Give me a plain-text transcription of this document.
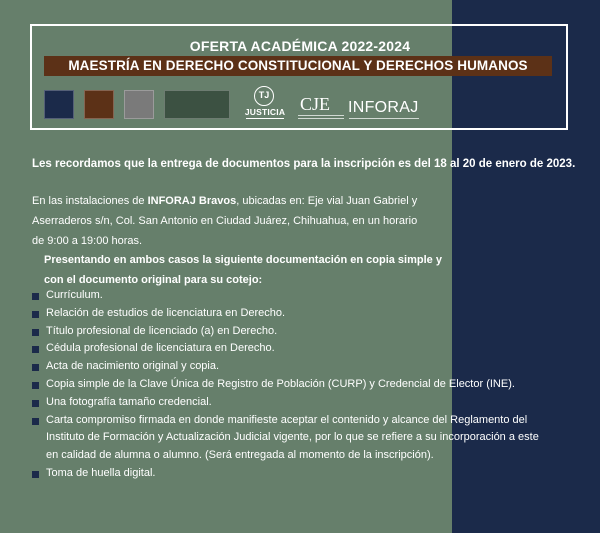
OFERTA ACADÉMICA 2022-2024
MAESTRÍA EN DERECHO CONSTITUCIONAL Y DERECHOS HUMANOS
TJ
JUSTICIA CJE INFORAJ
Les recordamos que la entrega de documentos para la inscripción es del 18 al 20 de enero de 2023.
En las instalaciones de INFORAJ Bravos, ubicadas en: Eje vial Juan Gabriel y Aserraderos s/n, Col. San Antonio en Ciudad Juárez, Chihuahua, en un horario de 9:00 a 19:00 horas.
Presentando en ambos casos la siguiente documentación en copia simple y con el documento original para su cotejo:
Currículum.
Relación de estudios de licenciatura en Derecho.
Título profesional de licenciado (a) en Derecho.
Cédula profesional de licenciatura en Derecho.
Acta de nacimiento original y copia.
Copia simple de la Clave Única de Registro de Población (CURP) y Credencial de Elector (INE).
Una fotografía tamaño credencial.
Carta compromiso firmada en donde manifieste aceptar el contenido y alcance del Reglamento del Instituto de Formación y Actualización Judicial vigente, por lo que se refiere a su incorporación a este en calidad de alumna o alumno. (Será entregada al momento de la inscripción).
Toma de huella digital.
